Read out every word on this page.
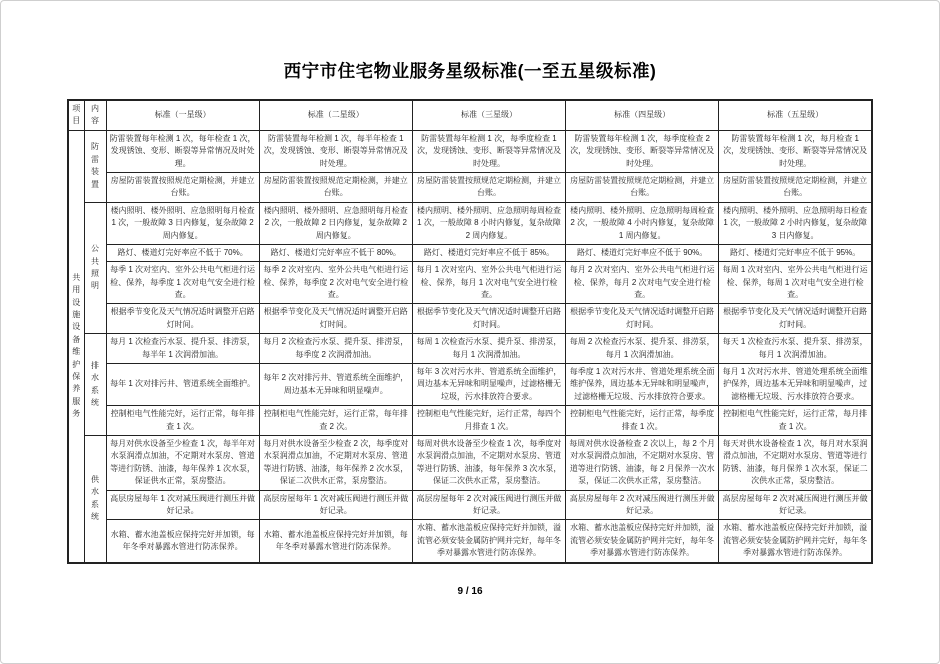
西宁市住宅物业服务星级标准(一至五星级标准)
项目	内容	标准（一星级）	标准（二星级）	标准（三星级）	标准（四星级）	标准（五星级）
共用设施设备维护保养服务	防雷装置	防雷装置每年检测 1 次，每年检查 1 次，发现锈蚀、变形、断裂等异常情况及时处理。	防雷装置每年检测 1 次，每半年检查 1 次，发现锈蚀、变形、断裂等异常情况及时处理。	防雷装置每年检测 1 次，每季度检查 1 次，发现锈蚀、变形、断裂等异常情况及时处理。	防雷装置每年检测 1 次，每季度检查 2 次，发现锈蚀、变形、断裂等异常情况及时处理。	防雷装置每年检测 1 次，每月检查 1 次，发现锈蚀、变形、断裂等异常情况及时处理。
		房屋防雷装置按照规范定期检测，并建立台账。	房屋防雷装置按照规范定期检测，并建立台账。	房屋防雷装置按照规范定期检测，并建立台账。	房屋防雷装置按照规范定期检测，并建立台账。	房屋防雷装置按照规范定期检测，并建立台账。
	公共照明	楼内照明、楼外照明、应急照明每月检查 1 次，一般故障 3 日内修复，复杂故障 2 周内修复。	楼内照明、楼外照明、应急照明每月检查 2 次，一般故障 2 日内修复，复杂故障 2 周内修复。	楼内照明、楼外照明、应急照明每周检查 1 次，一般故障 8 小时内修复，复杂故障 2 周内修复。	楼内照明、楼外照明、应急照明每周检查 2 次，一般故障 4 小时内修复，复杂故障 1 周内修复。	楼内照明、楼外照明、应急照明每日检查 1 次，一般故障 2 小时内修复，复杂故障 3 日内修复。
		路灯、楼道灯完好率应不低于 70%。	路灯、楼道灯完好率应不低于 80%。	路灯、楼道灯完好率应不低于 85%。	路灯、楼道灯完好率应不低于 90%。	路灯、楼道灯完好率应不低于 95%。
		每季 1 次对室内、室外公共电气柜进行运检、保养，每季度 1 次对电气安全进行检查。	每季 2 次对室内、室外公共电气柜进行运检、保养，每季度 2 次对电气安全进行检查。	每月 1 次对室内、室外公共电气柜进行运检、保养，每月 1 次对电气安全进行检查。	每月 2 次对室内、室外公共电气柜进行运检、保养，每月 2 次对电气安全进行检查。	每周 1 次对室内、室外公共电气柜进行运检、保养，每周 1 次对电气安全进行检查。
		根据季节变化及天气情况适时调整开启路灯时间。	根据季节变化及天气情况适时调整开启路灯时间。	根据季节变化及天气情况适时调整开启路灯时间。	根据季节变化及天气情况适时调整开启路灯时间。	根据季节变化及天气情况适时调整开启路灯时间。
	排水系统	每月 1 次检查污水泵、提升泵、排涝泵，每半年 1 次润滑加油。	每月 2 次检查污水泵、提升泵、排涝泵，每季度 2 次润滑加油。	每周 1 次检查污水泵、提升泵、排涝泵，每月 1 次润滑加油。	每周 2 次检查污水泵、提升泵、排涝泵，每月 1 次润滑加油。	每天 1 次检查污水泵、提升泵、排涝泵，每月 1 次润滑加油。
		每年 1 次对排污井、管道系统全面维护。	每年 2 次对排污井、管道系统全面维护，周边基本无异味和明显噪声。	每年 3 次对污水井、管道系统全面维护，周边基本无异味和明显噪声，过滤格栅无垃圾，污水排放符合要求。	每季度 1 次对污水井、管道处理系统全面维护保养，周边基本无异味和明显噪声，过滤格栅无垃圾、污水排放符合要求。	每月 1 次对污水井、管道处理系统全面维护保养，周边基本无异味和明显噪声，过滤格栅无垃圾、污水排放符合要求。
		控制柜电气性能完好，运行正常，每年排查 1 次。	控制柜电气性能完好，运行正常，每年排查 2 次。	控制柜电气性能完好，运行正常，每四个月排查 1 次。	控制柜电气性能完好，运行正常，每季度排查 1 次。	控制柜电气性能完好，运行正常，每月排查 1 次。
	供水系统	每月对供水设备至少检查 1 次，每半年对水泵润滑点加油，不定期对水泵房、管道等进行防锈、油漆，每年保养 1 次水泵，保证供水正常，泵房整洁。	每月对供水设备至少检查 2 次，每季度对水泵润滑点加油，不定期对水泵房、管道等进行防锈、油漆，每年保养 2 次水泵，保证二次供水正常，泵房整洁。	每周对供水设备至少检查 1 次，每季度对水泵润滑点加油，不定期对水泵房、管道等进行防锈、油漆，每年保养 3 次水泵，保证二次供水正常，泵房整洁。	每周对供水设备检查 2 次以上，每 2 个月对水泵润滑点加油，不定期对水泵房、管道等进行防锈、油漆，每 2 月保养一次水泵，保证二次供水正常，泵房整洁。	每天对供水设备检查 1 次，每月对水泵润滑点加油，不定期对水泵房、管道等进行防锈、油漆，每月保养 1 次水泵，保证二次供水正常，泵房整洁。
		高层房屋每年 1 次对减压阀进行测压并做好记录。	高层房屋每年 1 次对减压阀进行测压并做好记录。	高层房屋每年 2 次对减压阀进行测压并做好记录。	高层房屋每年 2 次对减压阀进行测压并做好记录。	高层房屋每年 2 次对减压阀进行测压并做好记录。
		水箱、蓄水池盖板应保持完好并加锁，每年冬季对暴露水管进行防冻保养。	水箱、蓄水池盖板应保持完好并加锁，每年冬季对暴露水管进行防冻保养。	水箱、蓄水池盖板应保持完好并加锁，溢流管必须安装金属防护网并完好，每年冬季对暴露水管进行防冻保养。	水箱、蓄水池盖板应保持完好并加锁，溢流管必须安装金属防护网并完好，每年冬季对暴露水管进行防冻保养。	水箱、蓄水池盖板应保持完好并加锁，溢流管必须安装金属防护网并完好，每年冬季对暴露水管进行防冻保养。
9 / 16
